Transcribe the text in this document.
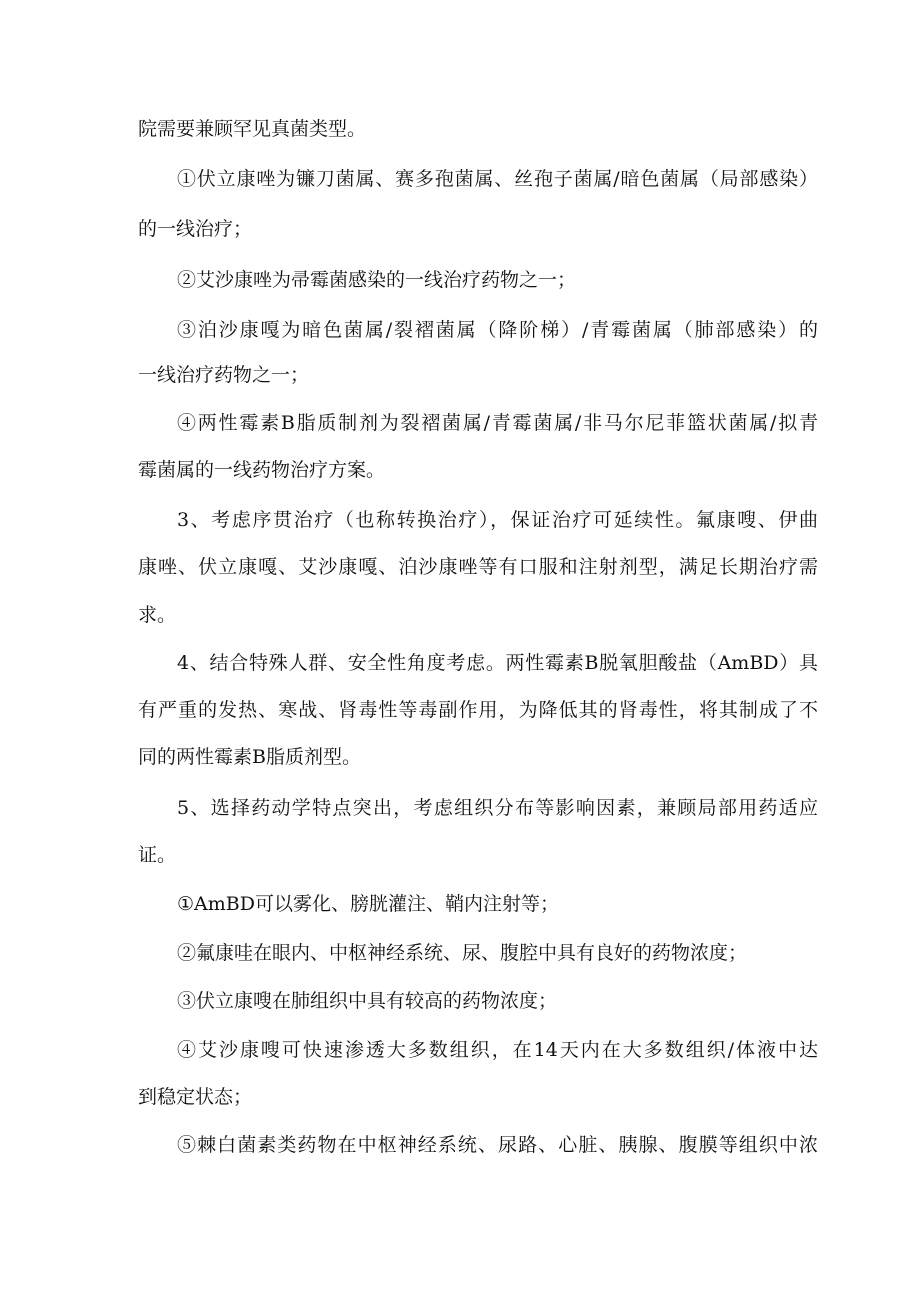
院需要兼顾罕见真菌类型。

①伏立康唑为镰刀菌属、赛多孢菌属、丝孢子菌属/暗色菌属（局部感染）

的一线治疗；

②艾沙康唑为帚霉菌感染的一线治疗药物之一；

③泊沙康嘎为暗色菌属/裂褶菌属（降阶梯）/青霉菌属（肺部感染）的

一线治疗药物之一；

④两性霉素B脂质制剂为裂褶菌属/青霉菌属/非马尔尼菲篮状菌属/拟青

霉菌属的一线药物治疗方案。

3、考虑序贯治疗（也称转换治疗），保证治疗可延续性。氟康嗖、伊曲

康唑、伏立康嘎、艾沙康嘎、泊沙康唑等有口服和注射剂型，满足长期治疗需

求。

4、结合特殊人群、安全性角度考虑。两性霉素B脱氧胆酸盐（AmBD）具

有严重的发热、寒战、肾毒性等毒副作用，为降低其的肾毒性，将其制成了不

同的两性霉素B脂质剂型。

5、选择药动学特点突出，考虑组织分布等影响因素，兼顾局部用药适应

证。

①AmBD可以雾化、膀胱灌注、鞘内注射等；

②氟康哇在眼内、中枢神经系统、尿、腹腔中具有良好的药物浓度；

③伏立康嗖在肺组织中具有较高的药物浓度；

④艾沙康嗖可快速渗透大多数组织，在14天内在大多数组织/体液中达

到稳定状态；

⑤棘白菌素类药物在中枢神经系统、尿路、心脏、胰腺、腹膜等组织中浓
